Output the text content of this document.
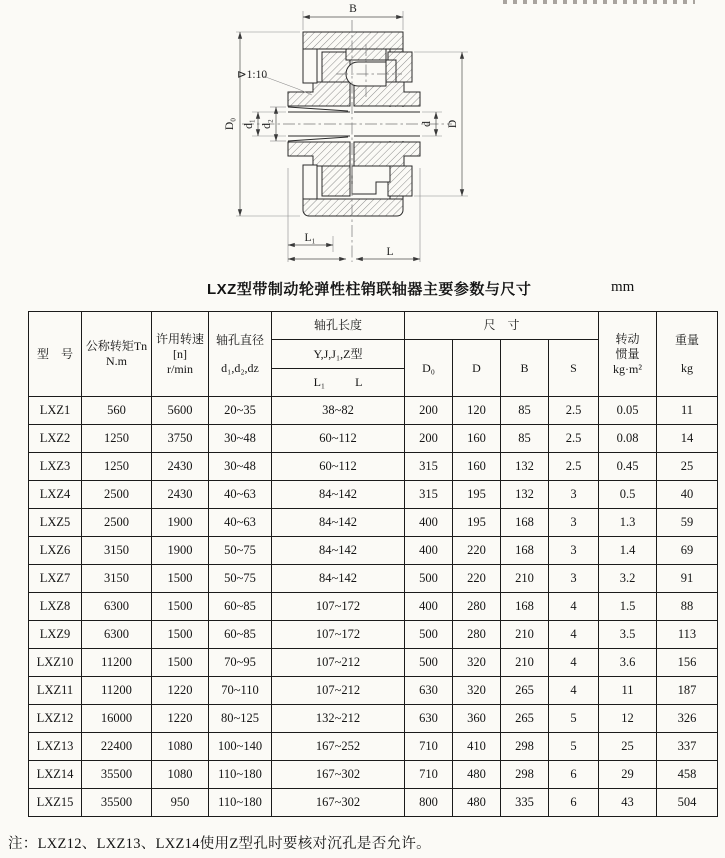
B
D₀ d₁ d₂	d D
L₁
L
⊳1:10
LXZ型带制动轮弹性柱销联轴器主要参数与尺寸	mm
型　号	公称转矩Tn
N.m	许用转速
[n]
r/min	轴孔直径
d₁,d₂,dz	轴孔长度	尺　寸				转动
惯量
kg·m²	重量
kg

				Y,J,J₁,Z型	D₀	D	B	S		

				L₁ L						

LXZ1	560	5600	20~35	38~82	200	120	85	2.5	0.05	11
LXZ2	1250	3750	30~48	60~112	200	160	85	2.5	0.08	14
LXZ3	1250	2430	30~48	60~112	315	160	132	2.5	0.45	25
LXZ4	2500	2430	40~63	84~142	315	195	132	3	0.5	40
LXZ5	2500	1900	40~63	84~142	400	195	168	3	1.3	59
LXZ6	3150	1900	50~75	84~142	400	220	168	3	1.4	69
LXZ7	3150	1500	50~75	84~142	500	220	210	3	3.2	91
LXZ8	6300	1500	60~85	107~172	400	280	168	4	1.5	88
LXZ9	6300	1500	60~85	107~172	500	280	210	4	3.5	113
LXZ10	11200	1500	70~95	107~212	500	320	210	4	3.6	156
LXZ11	11200	1220	70~110	107~212	630	320	265	4	11	187
LXZ12	16000	1220	80~125	132~212	630	360	265	5	12	326
LXZ13	22400	1080	100~140	167~252	710	410	298	5	25	337
LXZ14	35500	1080	110~180	167~302	710	480	298	6	29	458
LXZ15	35500	950	110~180	167~302	800	480	335	6	43	504
注：LXZ12、LXZ13、LXZ14使用Z型孔时要核对沉孔是否允许。
